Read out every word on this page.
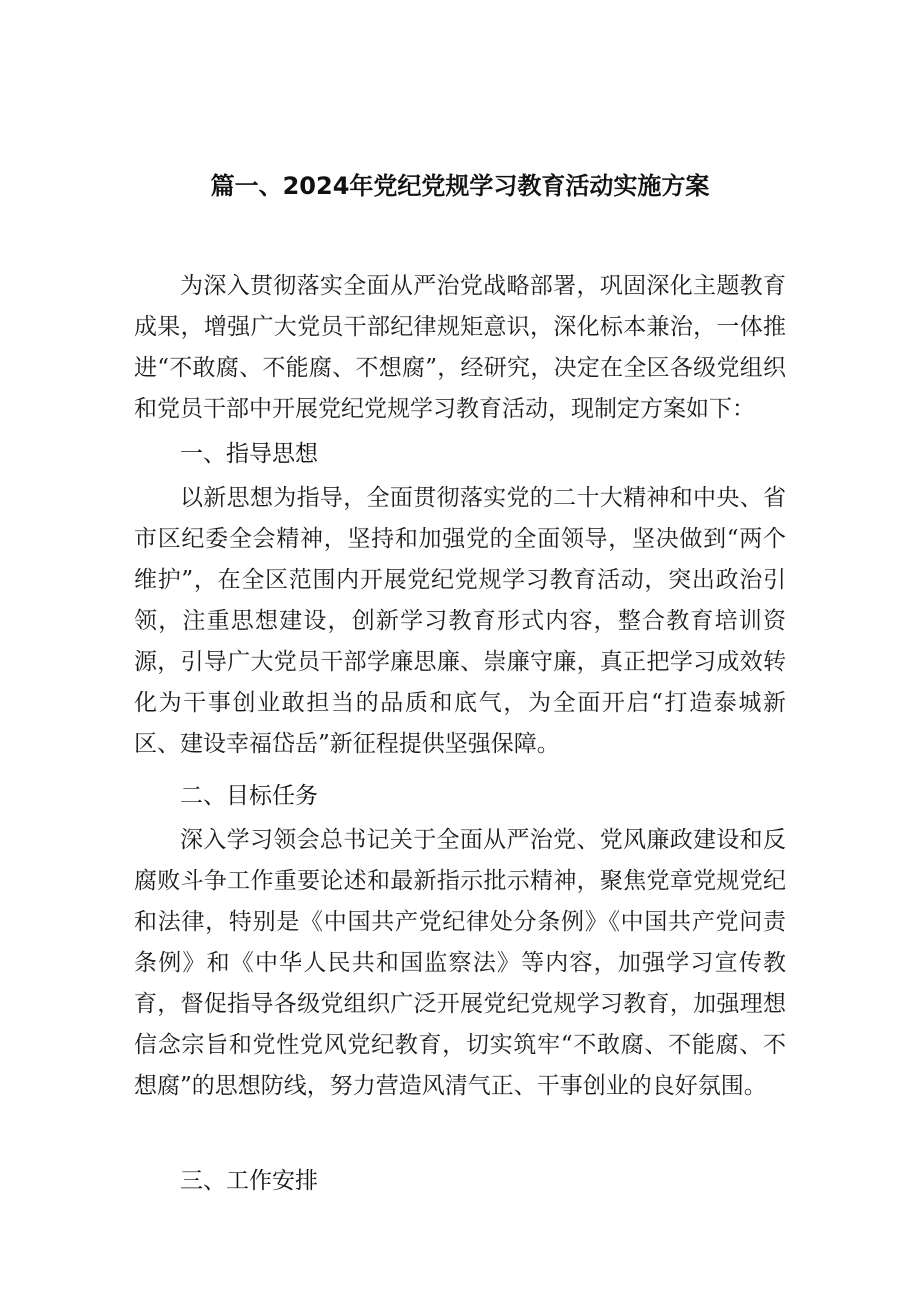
篇一、2024年党纪党规学习教育活动实施方案

为深入贯彻落实全面从严治党战略部署，巩固深化主题教育成果，增强广大党员干部纪律规矩意识，深化标本兼治，一体推进“不敢腐、不能腐、不想腐”，经研究，决定在全区各级党组织和党员干部中开展党纪党规学习教育活动，现制定方案如下：

一、指导思想

以新思想为指导，全面贯彻落实党的二十大精神和中央、省市区纪委全会精神，坚持和加强党的全面领导，坚决做到“两个维护”，在全区范围内开展党纪党规学习教育活动，突出政治引领，注重思想建设，创新学习教育形式内容，整合教育培训资源，引导广大党员干部学廉思廉、崇廉守廉，真正把学习成效转化为干事创业敢担当的品质和底气，为全面开启“打造泰城新区、建设幸福岱岳”新征程提供坚强保障。

二、目标任务

深入学习领会总书记关于全面从严治党、党风廉政建设和反腐败斗争工作重要论述和最新指示批示精神，聚焦党章党规党纪和法律，特别是《中国共产党纪律处分条例》《中国共产党问责条例》和《中华人民共和国监察法》等内容，加强学习宣传教育，督促指导各级党组织广泛开展党纪党规学习教育，加强理想信念宗旨和党性党风党纪教育，切实筑牢“不敢腐、不能腐、不想腐”的思想防线，努力营造风清气正、干事创业的良好氛围。

三、工作安排
